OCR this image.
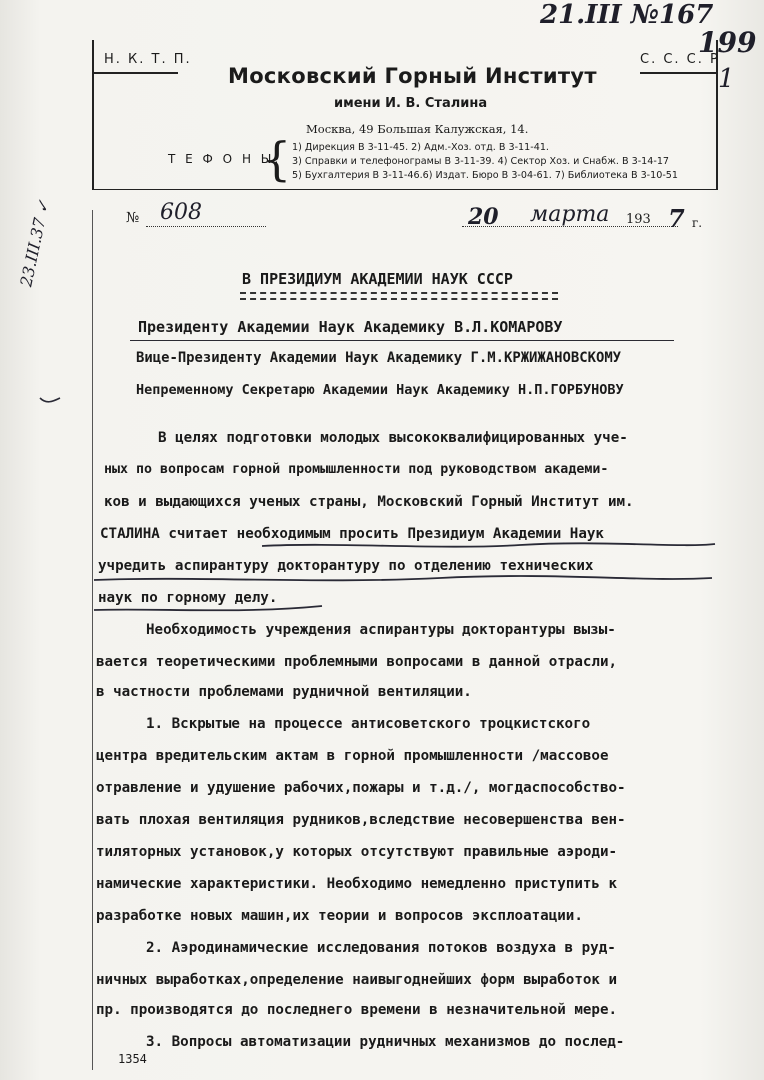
Н. К. Т. П.	С. С. С. Р
Московский Горный Институт
имени И. В. Сталина
Москва, 49 Большая Калужская, 14.
Т Е Ф О Н Ы:
{ 1) Дирекция В 3-11-45. 2) Адм.-Хоз. отд. В 3-11-41.
3) Справки и телефонограмы В 3-11-39. 4) Сектор Хоз. и Снабж. В 3-14-17
5) Бухгалтерия В 3-11-46.6) Издат. Бюро В 3-04-61. 7) Библиотека В 3-10-51
21.III №167
199
1
23.III.37 ✓	№ 608	20 марта 193 7 г.
В ПРЕЗИДИУМ АКАДЕМИИ НАУК СССР
Президенту Академии Наук Академику В.Л.КОМАРОВУ
Вице-Президенту Академии Наук Академику Г.М.КРЖИЖАНОВСКОМУ
Непременному Секретарю Академии Наук Академику Н.П.ГОРБУНОВУ
В целях подготовки молодых высококвалифицированных уче-
ных по вопросам горной промышленности под руководством академи-
ков и выдающихся ученых страны, Московский Горный Институт им.
СТАЛИНА считает необходимым просить Президиум Академии Наук
учредить аспирантуру докторантуру по отделению технических
наук по горному делу.
Необходимость учреждения аспирантуры докторантуры вызы-
вается теоретическими проблемными вопросами в данной отрасли,
в частности проблемами рудничной вентиляции.
1. Вскрытые на процессе антисоветского троцкистского
центра вредительским актам в горной промышленности /массовое
отравление и удушение рабочих,пожары и т.д./, могдаспособство-
вать плохая вентиляция рудников,вследствие несовершенства вен-
тиляторных установок,у которых отсутствуют правильные аэроди-
намические характеристики. Необходимо немедленно приступить к
разработке новых машин,их теории и вопросов эксплоатации.
2. Аэродинамические исследования потоков воздуха в руд-
ничных выработках,определение наивыгоднейших форм выработок и
пр. производятся до последнего времени в незначительной мере.
3. Вопросы автоматизации рудничных механизмов до послед-
1354
